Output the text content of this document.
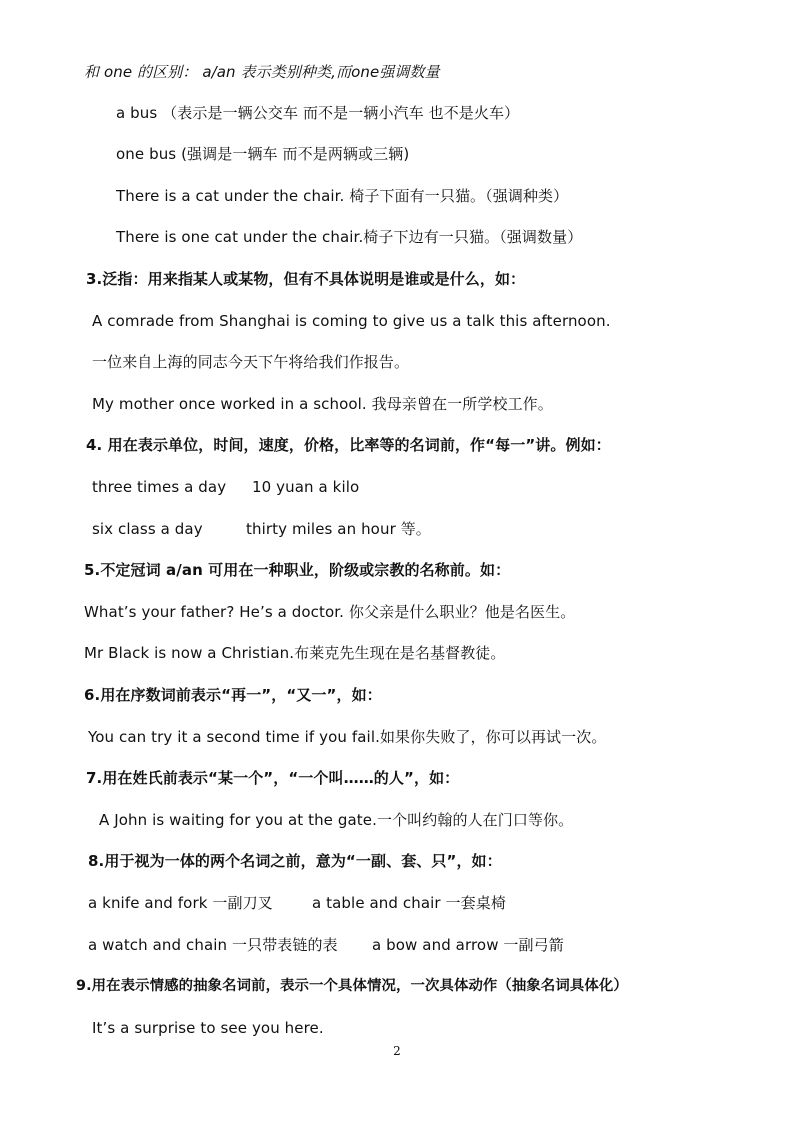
和 one 的区别： a/an 表示类别种类,而one强调数量
a bus （表示是一辆公交车 而不是一辆小汽车 也不是火车）
one bus (强调是一辆车 而不是两辆或三辆)
There is a cat under the chair. 椅子下面有一只猫。（强调种类）
There is one cat under the chair.椅子下边有一只猫。（强调数量）
3.泛指：用来指某人或某物，但有不具体说明是谁或是什么，如：
A comrade from Shanghai is coming to give us a talk this afternoon.
一位来自上海的同志今天下午将给我们作报告。
My mother once worked in a school. 我母亲曾在一所学校工作。
4. 用在表示单位，时间，速度，价格，比率等的名词前，作“每一”讲。例如：
three times a day 10 yuan a kilo
six class a day	thirty miles an hour 等。
5.不定冠词 a/an 可用在一种职业，阶级或宗教的名称前。如：
What’s your father? He’s a doctor. 你父亲是什么职业？他是名医生。
Mr Black is now a Christian.布莱克先生现在是名基督教徒。
6.用在序数词前表示“再一”，“又一”，如：
You can try it a second time if you fail.如果你失败了，你可以再试一次。
7.用在姓氏前表示“某一个”，“一个叫……的人”，如：
A John is waiting for you at the gate.一个叫约翰的人在门口等你。
8.用于视为一体的两个名词之前，意为“一副、套、只”，如：
a knife and fork 一副刀叉	a table and chair 一套桌椅
a watch and chain 一只带表链的表 a bow and arrow 一副弓箭
9.用在表示情感的抽象名词前，表示一个具体情况，一次具体动作（抽象名词具体化）
It’s a surprise to see you here.
2
